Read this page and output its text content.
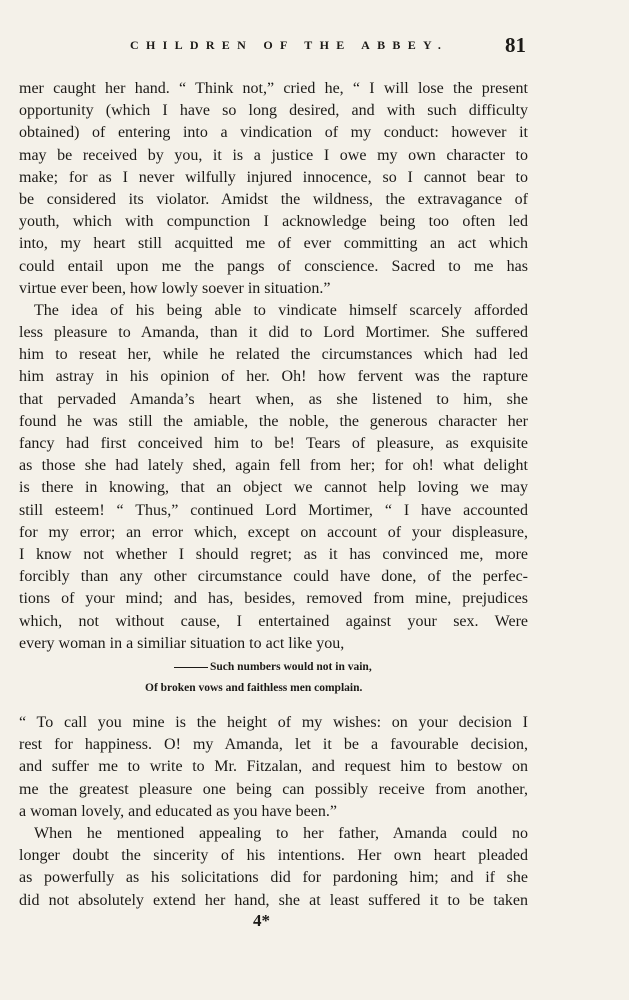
CHILDREN OF THE ABBEY.	81
mer caught her hand. “ Think not,” cried he, “ I will lose the present
opportunity (which I have so long desired, and with such difficulty
obtained) of entering into a vindication of my conduct: however it
may be received by you, it is a justice I owe my own character to
make; for as I never wilfully injured innocence, so I cannot bear to
be considered its violator. Amidst the wildness, the extravagance of
youth, which with compunction I acknowledge being too often led
into, my heart still acquitted me of ever committing an act which
could entail upon me the pangs of conscience. Sacred to me has
virtue ever been, how lowly soever in situation.”
The idea of his being able to vindicate himself scarcely afforded
less pleasure to Amanda, than it did to Lord Mortimer. She suffered
him to reseat her, while he related the circumstances which had led
him astray in his opinion of her. Oh! how fervent was the rapture
that pervaded Amanda’s heart when, as she listened to him, she
found he was still the amiable, the noble, the generous character her
fancy had first conceived him to be! Tears of pleasure, as exquisite
as those she had lately shed, again fell from her; for oh! what delight
is there in knowing, that an object we cannot help loving we may
still esteem! “ Thus,” continued Lord Mortimer, “ I have accounted
for my error; an error which, except on account of your displeasure,
I know not whether I should regret; as it has convinced me, more
forcibly than any other circumstance could have done, of the perfec-
tions of your mind; and has, besides, removed from mine, prejudices
which, not without cause, I entertained against your sex. Were
every woman in a similiar situation to act like you,
Such numbers would not in vain,
Of broken vows and faithless men complain.
“ To call you mine is the height of my wishes: on your decision I
rest for happiness. O! my Amanda, let it be a favourable decision,
and suffer me to write to Mr. Fitzalan, and request him to bestow on
me the greatest pleasure one being can possibly receive from another,
a woman lovely, and educated as you have been.”
When he mentioned appealing to her father, Amanda could no
longer doubt the sincerity of his intentions. Her own heart pleaded
as powerfully as his solicitations did for pardoning him; and if she
did not absolutely extend her hand, she at least suffered it to be taken
4*
